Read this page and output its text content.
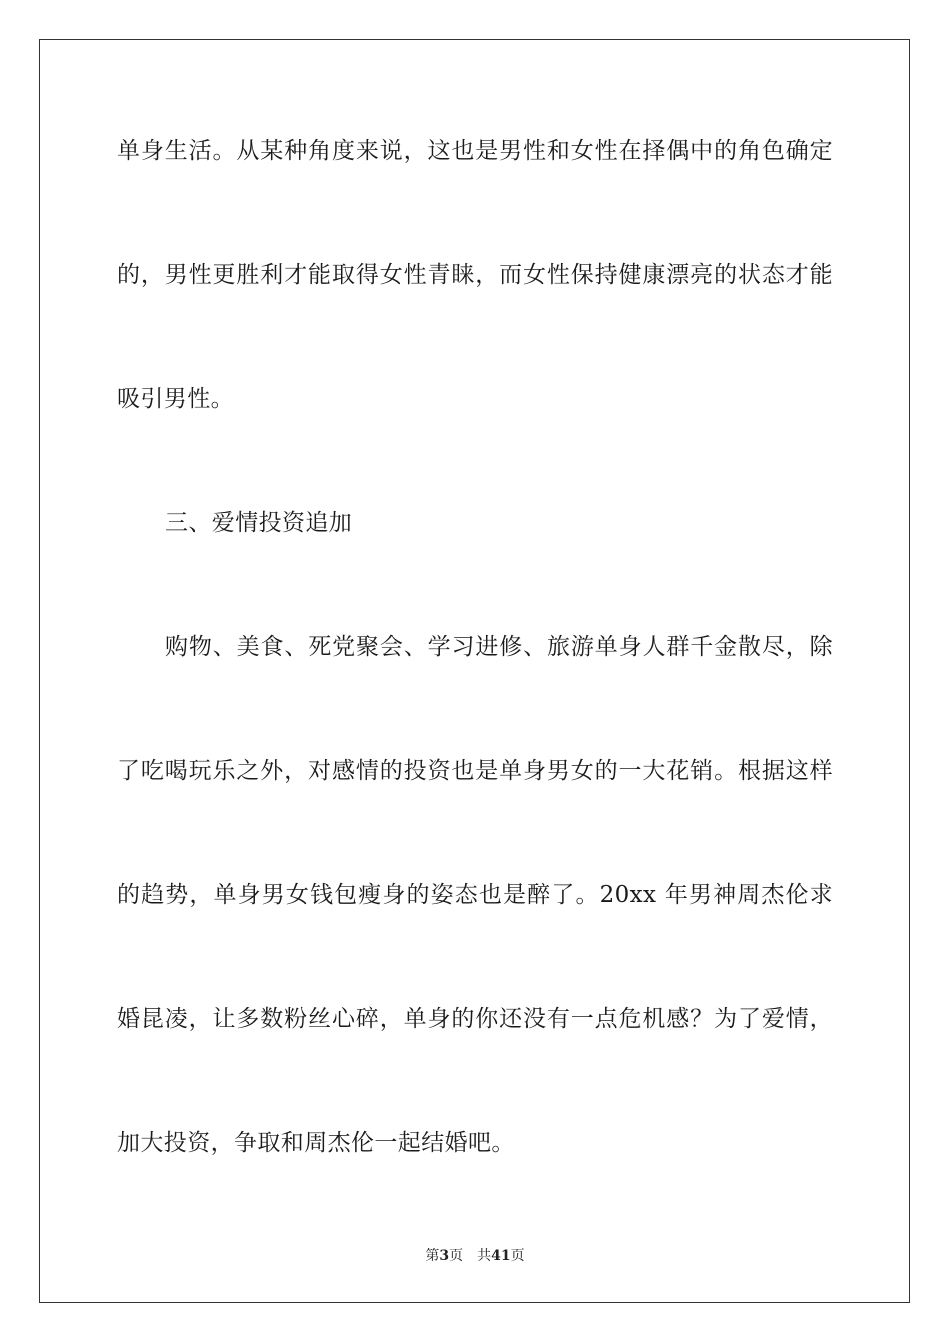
单身生活。从某种角度来说，这也是男性和女性在择偶中的角色确定
的，男性更胜利才能取得女性青睐，而女性保持健康漂亮的状态才能
吸引男性。
三、爱情投资追加
购物、美食、死党聚会、学习进修、旅游单身人群千金散尽，除
了吃喝玩乐之外，对感情的投资也是单身男女的一大花销。根据这样
的趋势，单身男女钱包瘦身的姿态也是醉了。20xx 年男神周杰伦求
婚昆凌，让多数粉丝心碎，单身的你还没有一点危机感？为了爱情，
加大投资，争取和周杰伦一起结婚吧。
第3页 共41页
